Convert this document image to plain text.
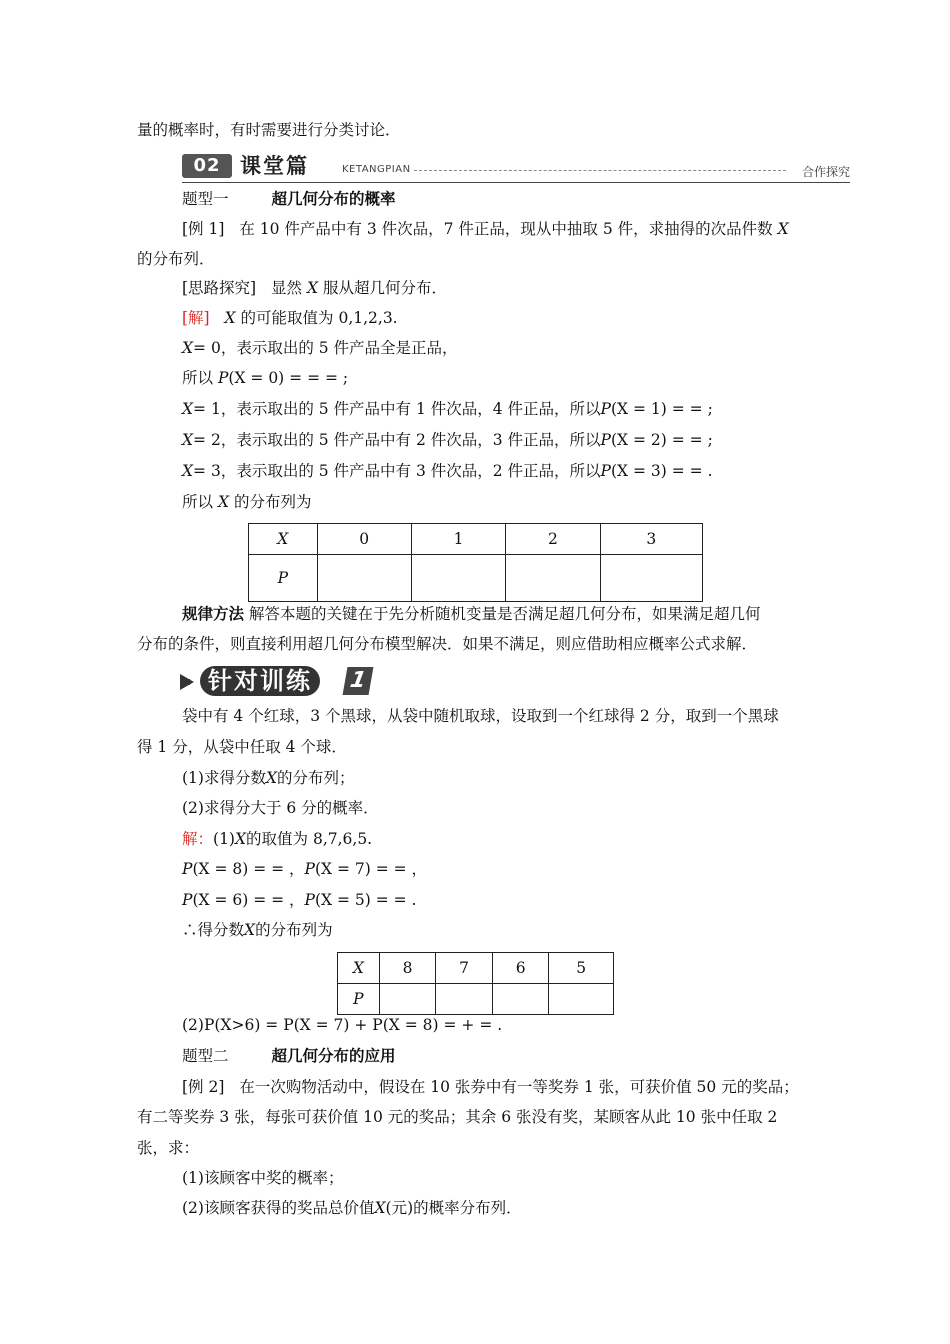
量的概率时，有时需要进行分类讨论．
02 课堂篇	KETANGPIAN	合作探究
题型一	超几何分布的概率
[例 1] 在 10 件产品中有 3 件次品，7 件正品，现从中抽取 5 件，求抽得的次品件数 X
的分布列．
[思路探究] 显然 X 服从超几何分布．
[解] X 的可能取值为 0,1,2,3.
X= 0，表示取出的 5 件产品全是正品，
所以 P(X = 0) = = = ;
X= 1，表示取出的 5 件产品中有 1 件次品，4 件正品，所以P(X = 1) = = ;
X= 2，表示取出的 5 件产品中有 2 件次品，3 件正品，所以P(X = 2) = = ;
X= 3，表示取出的 5 件产品中有 3 件次品，2 件正品，所以P(X = 3) = = .
所以 X 的分布列为
X	0	1	2	3
P				
规律方法 解答本题的关键在于先分析随机变量是否满足超几何分布，如果满足超几何
分布的条件，则直接利用超几何分布模型解决．如果不满足，则应借助相应概率公式求解．
针对训练	1
袋中有 4 个红球，3 个黑球，从袋中随机取球，设取到一个红球得 2 分，取到一个黑球
得 1 分，从袋中任取 4 个球．
(1)求得分数X的分布列；
(2)求得分大于 6 分的概率．
解：(1)X的取值为 8,7,6,5.
P(X = 8) = = ，P(X = 7) = = ，
P(X = 6) = = ，P(X = 5) = = .
∴得分数X的分布列为
X	8	7	6	5
P				
(2)P(X>6) = P(X = 7) + P(X = 8) = + = .
题型二	超几何分布的应用
[例 2] 在一次购物活动中，假设在 10 张券中有一等奖券 1 张，可获价值 50 元的奖品；
有二等奖券 3 张，每张可获价值 10 元的奖品；其余 6 张没有奖，某顾客从此 10 张中任取 2
张，求：
(1)该顾客中奖的概率；
(2)该顾客获得的奖品总价值X(元)的概率分布列．
